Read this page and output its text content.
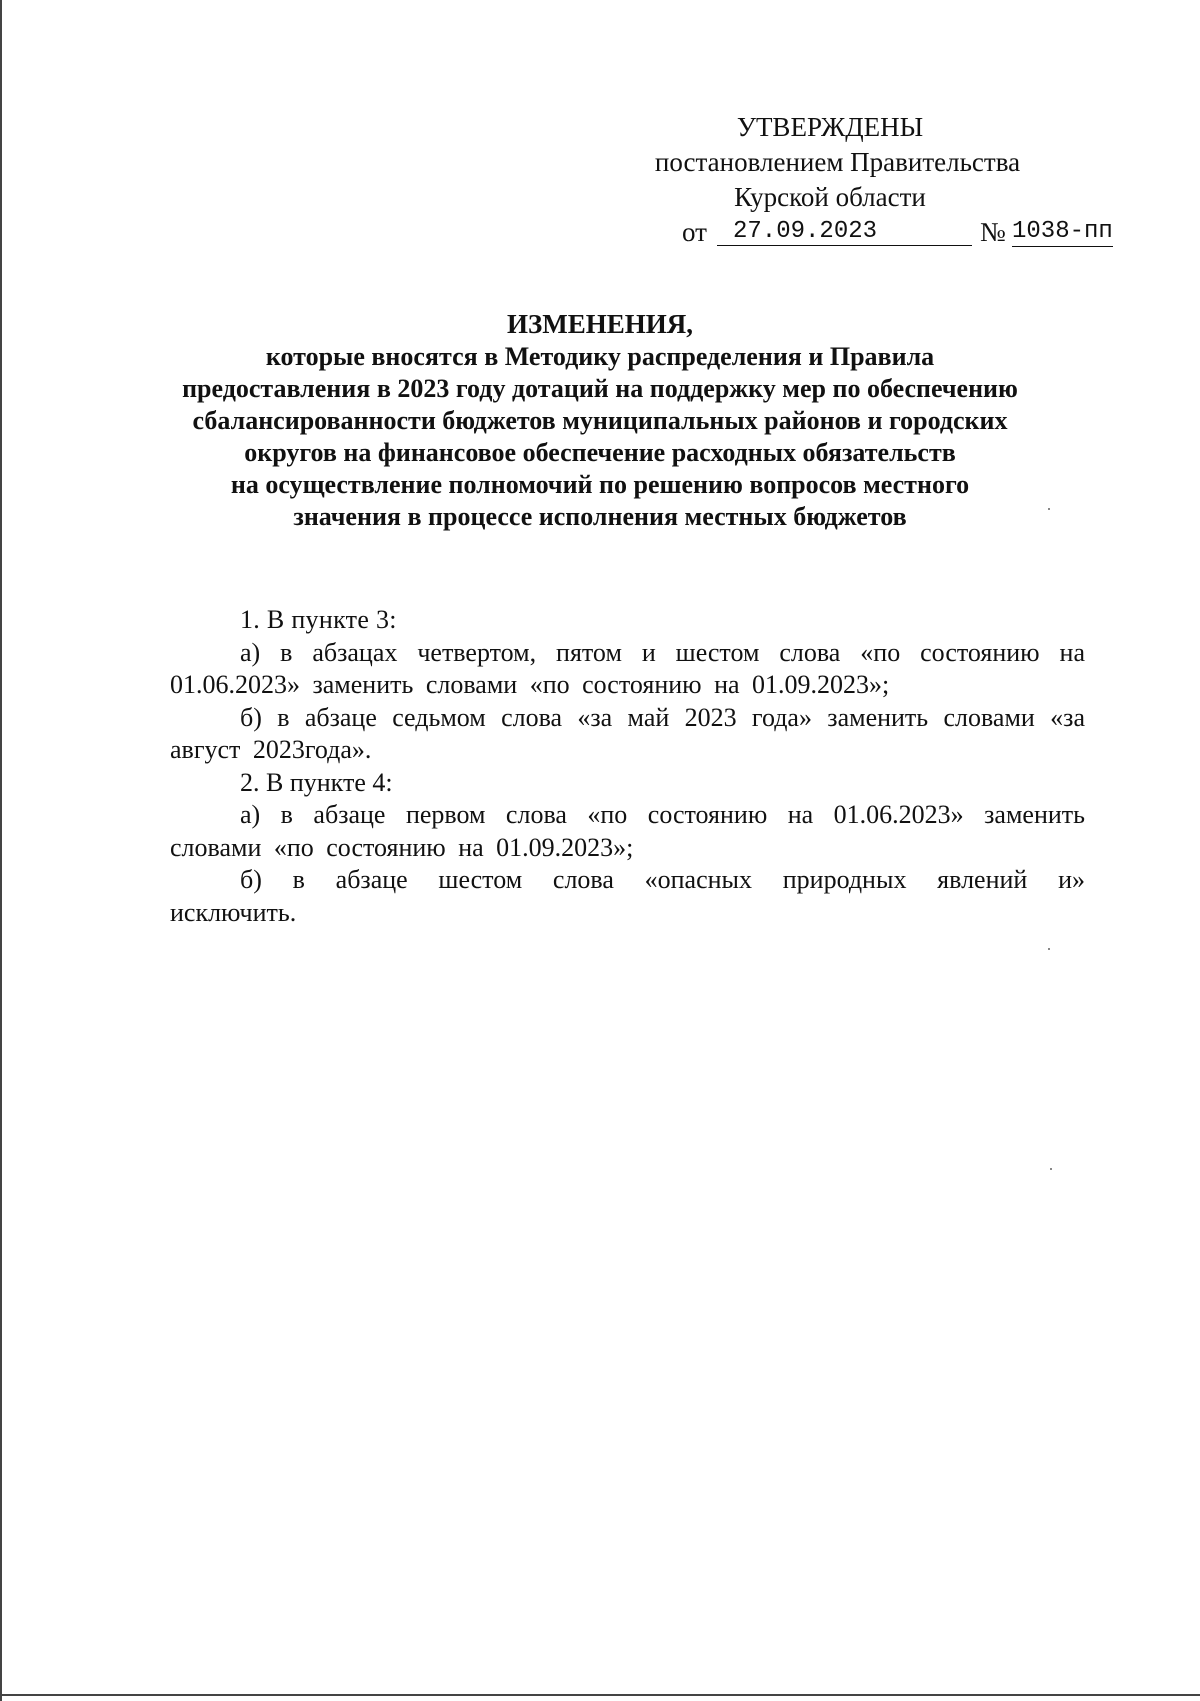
УТВЕРЖДЕНЫ
постановлением Правительства
Курской области
от	27.09.2023	№ 1038-пп
ИЗМЕНЕНИЯ,
которые вносятся в Методику распределения и Правила
предоставления в 2023 году дотаций на поддержку мер по обеспечению
сбалансированности бюджетов муниципальных районов и городских
округов на финансовое обеспечение расходных обязательств
на осуществление полномочий по решению вопросов местного
значения в процессе исполнения местных бюджетов

1. В пункте 3:

а) в абзацах четвертом, пятом и шестом слова «по состоянию на 01.06.2023» заменить словами «по состоянию на 01.09.2023»;

б) в абзаце седьмом слова «за май 2023 года» заменить словами «за август 2023года».

2. В пункте 4:

а) в абзаце первом слова «по состоянию на 01.06.2023» заменить словами «по состоянию на 01.09.2023»;

б) в абзаце шестом слова «опасных природных явлений и» исключить.
